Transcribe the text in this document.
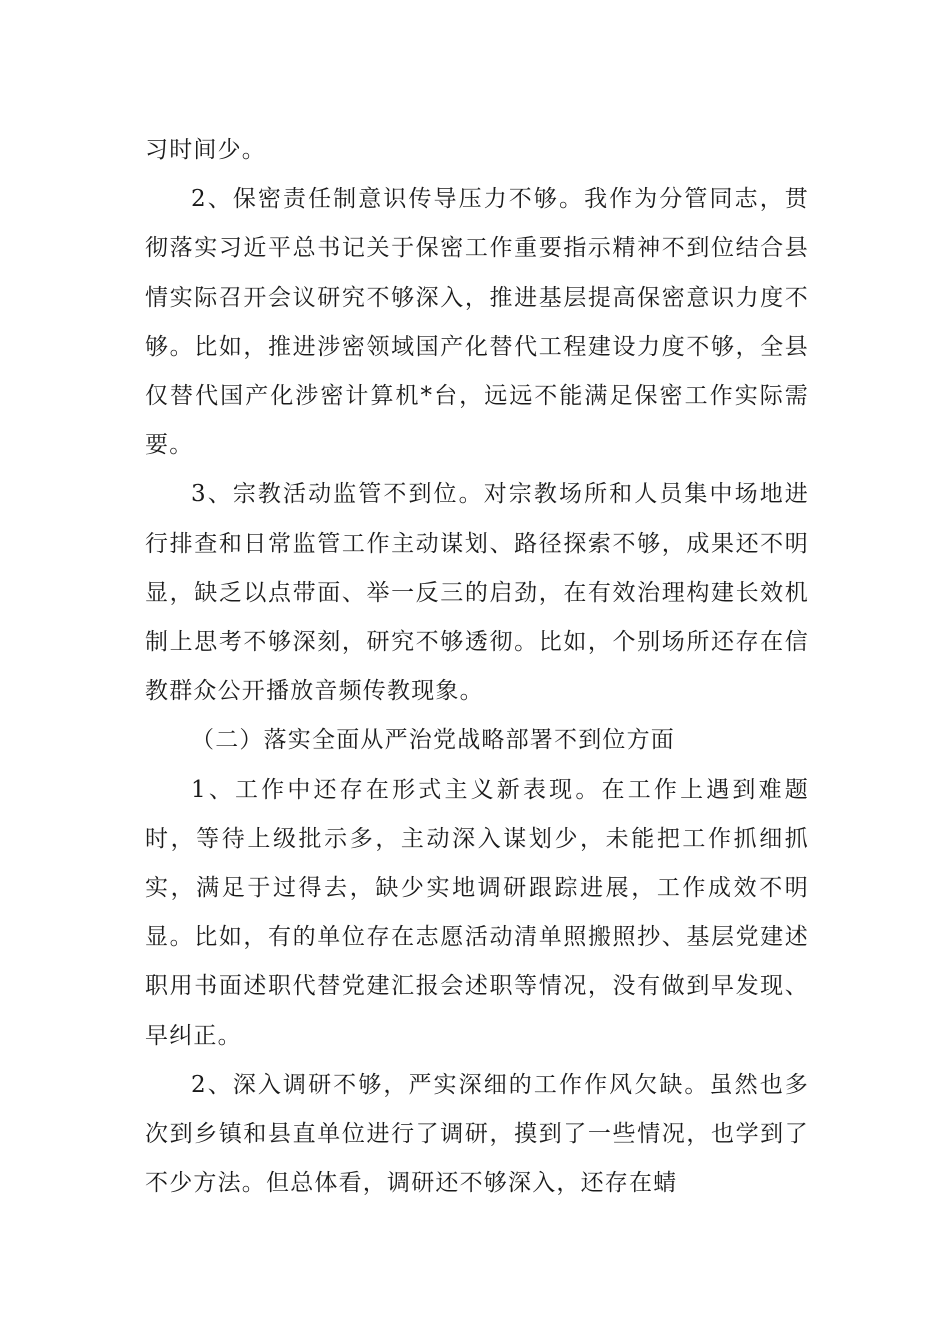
习时间少。

2、保密责任制意识传导压力不够。我作为分管同志，贯彻落实习近平总书记关于保密工作重要指示精神不到位结合县情实际召开会议研究不够深入，推进基层提高保密意识力度不够。比如，推进涉密领域国产化替代工程建设力度不够，全县仅替代国产化涉密计算机*台，远远不能满足保密工作实际需要。

3、宗教活动监管不到位。对宗教场所和人员集中场地进行排查和日常监管工作主动谋划、路径探索不够，成果还不明显，缺乏以点带面、举一反三的启劲，在有效治理构建长效机制上思考不够深刻，研究不够透彻。比如，个别场所还存在信教群众公开播放音频传教现象。

（二）落实全面从严治党战略部署不到位方面

1、工作中还存在形式主义新表现。在工作上遇到难题时，等待上级批示多，主动深入谋划少，未能把工作抓细抓实，满足于过得去，缺少实地调研跟踪进展，工作成效不明显。比如，有的单位存在志愿活动清单照搬照抄、基层党建述职用书面述职代替党建汇报会述职等情况，没有做到早发现、早纠正。

2、深入调研不够，严实深细的工作作风欠缺。虽然也多次到乡镇和县直单位进行了调研，摸到了一些情况，也学到了不少方法。但总体看，调研还不够深入，还存在蜻
